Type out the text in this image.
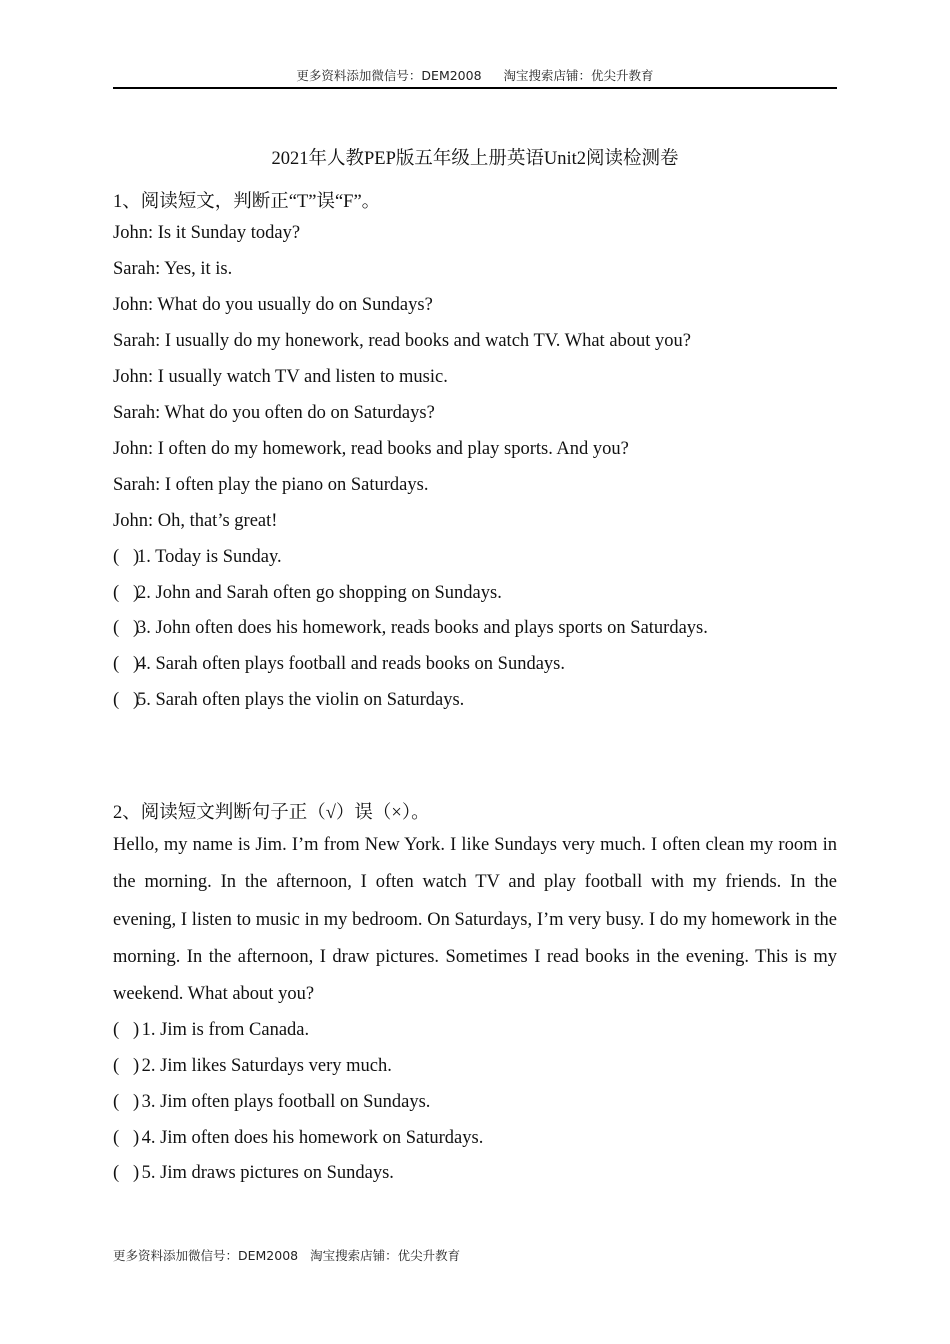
更多资料添加微信号：DEM2008 淘宝搜索店铺：优尖升教育
2021年人教PEP版五年级上册英语Unit2阅读检测卷
1、阅读短文，判断正“T”误“F”。
John: Is it Sunday today?
Sarah: Yes, it is.
John: What do you usually do on Sundays?
Sarah: I usually do my honework, read books and watch TV. What about you?
John: I usually watch TV and listen to music.
Sarah: What do you often do on Saturdays?
John: I often do my homework, read books and play sports. And you?
Sarah: I often play the piano on Saturdays.
John: Oh, that’s great!
(   )1. Today is Sunday.
(   )2. John and Sarah often go shopping on Sundays.
(   )3. John often does his homework, reads books and plays sports on Saturdays.
(   )4. Sarah often plays football and reads books on Sundays.
(   )5. Sarah often plays the violin on Saturdays.
2、阅读短文判断句子正（√）误（×）。
Hello, my name is Jim. I’m from New York. I like Sundays very much. I often clean my room in the morning. In the afternoon, I often watch TV and play football with my friends. In the evening, I listen to music in my bedroom. On Saturdays, I’m very busy. I do my homework in the morning. In the afternoon, I draw pictures. Sometimes I read books in the evening. This is my weekend. What about you?
(   ) 1. Jim is from Canada.
(   ) 2. Jim likes Saturdays very much.
(   ) 3. Jim often plays football on Sundays.
(   ) 4. Jim often does his homework on Saturdays.
(   ) 5. Jim draws pictures on Sundays.
更多资料添加微信号：DEM2008 淘宝搜索店铺：优尖升教育
